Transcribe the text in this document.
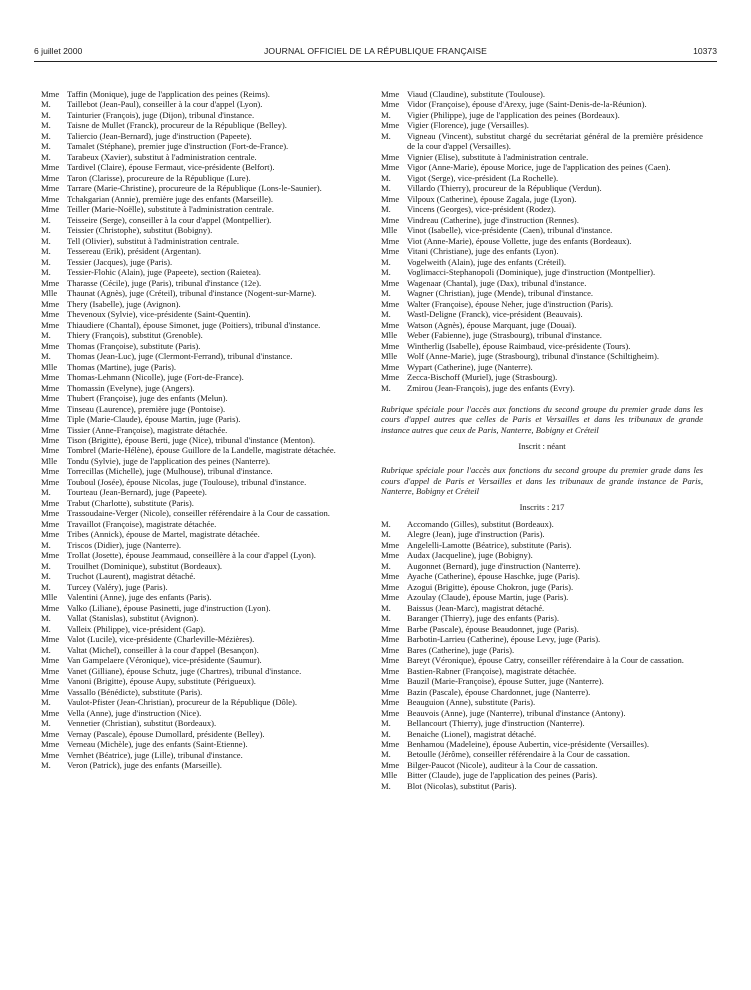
6 juillet 2000	JOURNAL OFFICIEL DE LA RÉPUBLIQUE FRANÇAISE	10373

Mme Taffin (Monique), juge de l'application des peines (Reims).

M. Taillebot (Jean-Paul), conseiller à la cour d'appel (Lyon).

M. Tainturier (François), juge (Dijon), tribunal d'instance.

M. Taisne de Mullet (Franck), procureur de la République (Belley).

M. Taliercio (Jean-Bernard), juge d'instruction (Papeete).

M. Tamalet (Stéphane), premier juge d'instruction (Fort-de-France).

M. Tarabeux (Xavier), substitut à l'administration centrale.

Mme Tardivel (Claire), épouse Fermaut, vice-présidente (Belfort).

Mme Taron (Clarisse), procureure de la République (Lure).

Mme Tarrare (Marie-Christine), procureure de la République (Lons-le-Saunier).

Mme Tchakgarian (Annie), première juge des enfants (Marseille).

Mme Teiller (Marie-Noëlle), substitute à l'administration centrale.

M. Teisseire (Serge), conseiller à la cour d'appel (Montpellier).

M. Teissier (Christophe), substitut (Bobigny).

M. Tell (Olivier), substitut à l'administration centrale.

M. Tessereau (Erik), président (Argentan).

M. Tessier (Jacques), juge (Paris).

M. Tessier-Flohic (Alain), juge (Papeete), section (Raietea).

Mme Tharasse (Cécile), juge (Paris), tribunal d'instance (12e).

Mlle Thaunat (Agnès), juge (Créteil), tribunal d'instance (Nogent-sur-Marne).

Mme Thery (Isabelle), juge (Avignon).

Mme Thevenoux (Sylvie), vice-présidente (Saint-Quentin).

Mme Thiaudiere (Chantal), épouse Simonet, juge (Poitiers), tribunal d'instance.

M. Thiery (François), substitut (Grenoble).

Mme Thomas (Françoise), substitute (Paris).

M. Thomas (Jean-Luc), juge (Clermont-Ferrand), tribunal d'instance.

Mlle Thomas (Martine), juge (Paris).

Mme Thomas-Lehmann (Nicolle), juge (Fort-de-France).

Mme Thomassin (Evelyne), juge (Angers).

Mme Thubert (Françoise), juge des enfants (Melun).

Mme Tinseau (Laurence), première juge (Pontoise).

Mme Tiple (Marie-Claude), épouse Martin, juge (Paris).

Mme Tissier (Anne-Françoise), magistrate détachée.

Mme Tison (Brigitte), épouse Berti, juge (Nice), tribunal d'instance (Menton).

Mme Tombrel (Marie-Hélène), épouse Guillore de la Landelle, magistrate détachée.

Mlle Tondu (Sylvie), juge de l'application des peines (Nanterre).

Mme Torrecillas (Michelle), juge (Mulhouse), tribunal d'instance.

Mme Touboul (Josée), épouse Nicolas, juge (Toulouse), tribunal d'instance.

M. Tourteau (Jean-Bernard), juge (Papeete).

Mme Trabut (Charlotte), substitute (Paris).

Mme Trassoudaine-Verger (Nicole), conseiller référendaire à la Cour de cassation.

Mme Travaillot (Françoise), magistrate détachée.

Mme Tribes (Annick), épouse de Martel, magistrate détachée.

M. Triscos (Didier), juge (Nanterre).

Mme Trollat (Josette), épouse Jeammaud, conseillère à la cour d'appel (Lyon).

M. Trouilhet (Dominique), substitut (Bordeaux).

M. Truchot (Laurent), magistrat détaché.

M. Turcey (Valéry), juge (Paris).

Mlle Valentini (Anne), juge des enfants (Paris).

Mme Valko (Liliane), épouse Pasinetti, juge d'instruction (Lyon).

M. Vallat (Stanislas), substitut (Avignon).

M. Valleix (Philippe), vice-président (Gap).

Mme Valot (Lucile), vice-présidente (Charleville-Mézières).

M. Valtat (Michel), conseiller à la cour d'appel (Besançon).

Mme Van Gampelaere (Véronique), vice-présidente (Saumur).

Mme Vanet (Gilliane), épouse Schutz, juge (Chartres), tribunal d'instance.

Mme Vanoni (Brigitte), épouse Aupy, substitute (Périgueux).

Mme Vassallo (Bénédicte), substitute (Paris).

M. Vaulot-Pfister (Jean-Christian), procureur de la République (Dôle).

Mme Vella (Anne), juge d'instruction (Nice).

M. Vennetier (Christian), substitut (Bordeaux).

Mme Vernay (Pascale), épouse Dumollard, présidente (Belley).

Mme Verneau (Michèle), juge des enfants (Saint-Etienne).

Mme Vernhet (Béatrice), juge (Lille), tribunal d'instance.

M. Veron (Patrick), juge des enfants (Marseille).

Mme Viaud (Claudine), substitute (Toulouse).

Mme Vidor (Françoise), épouse d'Arexy, juge (Saint-Denis-de-la-Réunion).

M. Vigier (Philippe), juge de l'application des peines (Bordeaux).

Mme Vigier (Florence), juge (Versailles).

M. Vigneau (Vincent), substitut chargé du secrétariat général de la première présidence de la cour d'appel (Versailles).

Mme Vignier (Elise), substitute à l'administration centrale.

Mme Vigor (Anne-Marie), épouse Morice, juge de l'application des peines (Caen).

M. Vigot (Serge), vice-président (La Rochelle).

M. Villardo (Thierry), procureur de la République (Verdun).

Mme Vilpoux (Catherine), épouse Zagala, juge (Lyon).

M. Vincens (Georges), vice-président (Rodez).

Mme Vindreau (Catherine), juge d'instruction (Rennes).

Mlle Vinot (Isabelle), vice-présidente (Caen), tribunal d'instance.

Mme Viot (Anne-Marie), épouse Vollette, juge des enfants (Bordeaux).

Mme Vitani (Christiane), juge des enfants (Lyon).

M. Vogelweith (Alain), juge des enfants (Créteil).

M. Voglimacci-Stephanopoli (Dominique), juge d'instruction (Montpellier).

Mme Wagenaar (Chantal), juge (Dax), tribunal d'instance.

M. Wagner (Christian), juge (Mende), tribunal d'instance.

Mme Walter (Françoise), épouse Neher, juge d'instruction (Paris).

M. Wastl-Deligne (Franck), vice-président (Beauvais).

Mme Watson (Agnès), épouse Marquant, juge (Douai).

Mlle Weber (Fabienne), juge (Strasbourg), tribunal d'instance.

Mme Wintherlig (Isabelle), épouse Raimbaud, vice-présidente (Tours).

Mlle Wolf (Anne-Marie), juge (Strasbourg), tribunal d'instance (Schiltigheim).

Mme Wypart (Catherine), juge (Nanterre).

Mme Zecca-Bischoff (Muriel), juge (Strasbourg).

M. Zmirou (Jean-François), juge des enfants (Evry).

Rubrique spéciale pour l'accès aux fonctions du second groupe du premier grade dans les cours d'appel autres que celles de Paris et Versailles et dans les tribunaux de grande instance autres que ceux de Paris, Nanterre, Bobigny et Créteil

Inscrit : néant

Rubrique spéciale pour l'accès aux fonctions du second groupe du premier grade dans les cours d'appel de Paris et Versailles et dans les tribunaux de grande instance de Paris, Nanterre, Bobigny et Créteil

Inscrits : 217

M. Accomando (Gilles), substitut (Bordeaux).

M. Alegre (Jean), juge d'instruction (Paris).

Mme Angelelli-Lamotte (Béatrice), substitute (Paris).

Mme Audax (Jacqueline), juge (Bobigny).

M. Augonnet (Bernard), juge d'instruction (Nanterre).

Mme Ayache (Catherine), épouse Haschke, juge (Paris).

Mme Azogui (Brigitte), épouse Chokron, juge (Paris).

Mme Azoulay (Claude), épouse Martin, juge (Paris).

M. Baissus (Jean-Marc), magistrat détaché.

M. Baranger (Thierry), juge des enfants (Paris).

Mme Barbe (Pascale), épouse Beaudonnet, juge (Paris).

Mme Barbotin-Larrieu (Catherine), épouse Levy, juge (Paris).

Mme Bares (Catherine), juge (Paris).

Mme Bareyt (Véronique), épouse Catry, conseiller référendaire à la Cour de cassation.

Mme Bastien-Rabner (Françoise), magistrate détachée.

Mme Bauzil (Marie-Françoise), épouse Sutter, juge (Nanterre).

Mme Bazin (Pascale), épouse Chardonnet, juge (Nanterre).

Mme Beauguion (Anne), substitute (Paris).

Mme Beauvois (Anne), juge (Nanterre), tribunal d'instance (Antony).

M. Bellancourt (Thierry), juge d'instruction (Nanterre).

M. Benaiche (Lionel), magistrat détaché.

Mme Benhamou (Madeleine), épouse Aubertin, vice-présidente (Versailles).

M. Betoulle (Jérôme), conseiller référendaire à la Cour de cassation.

Mme Bilger-Paucot (Nicole), auditeur à la Cour de cassation.

Mlle Bitter (Claude), juge de l'application des peines (Paris).

M. Blot (Nicolas), substitut (Paris).
